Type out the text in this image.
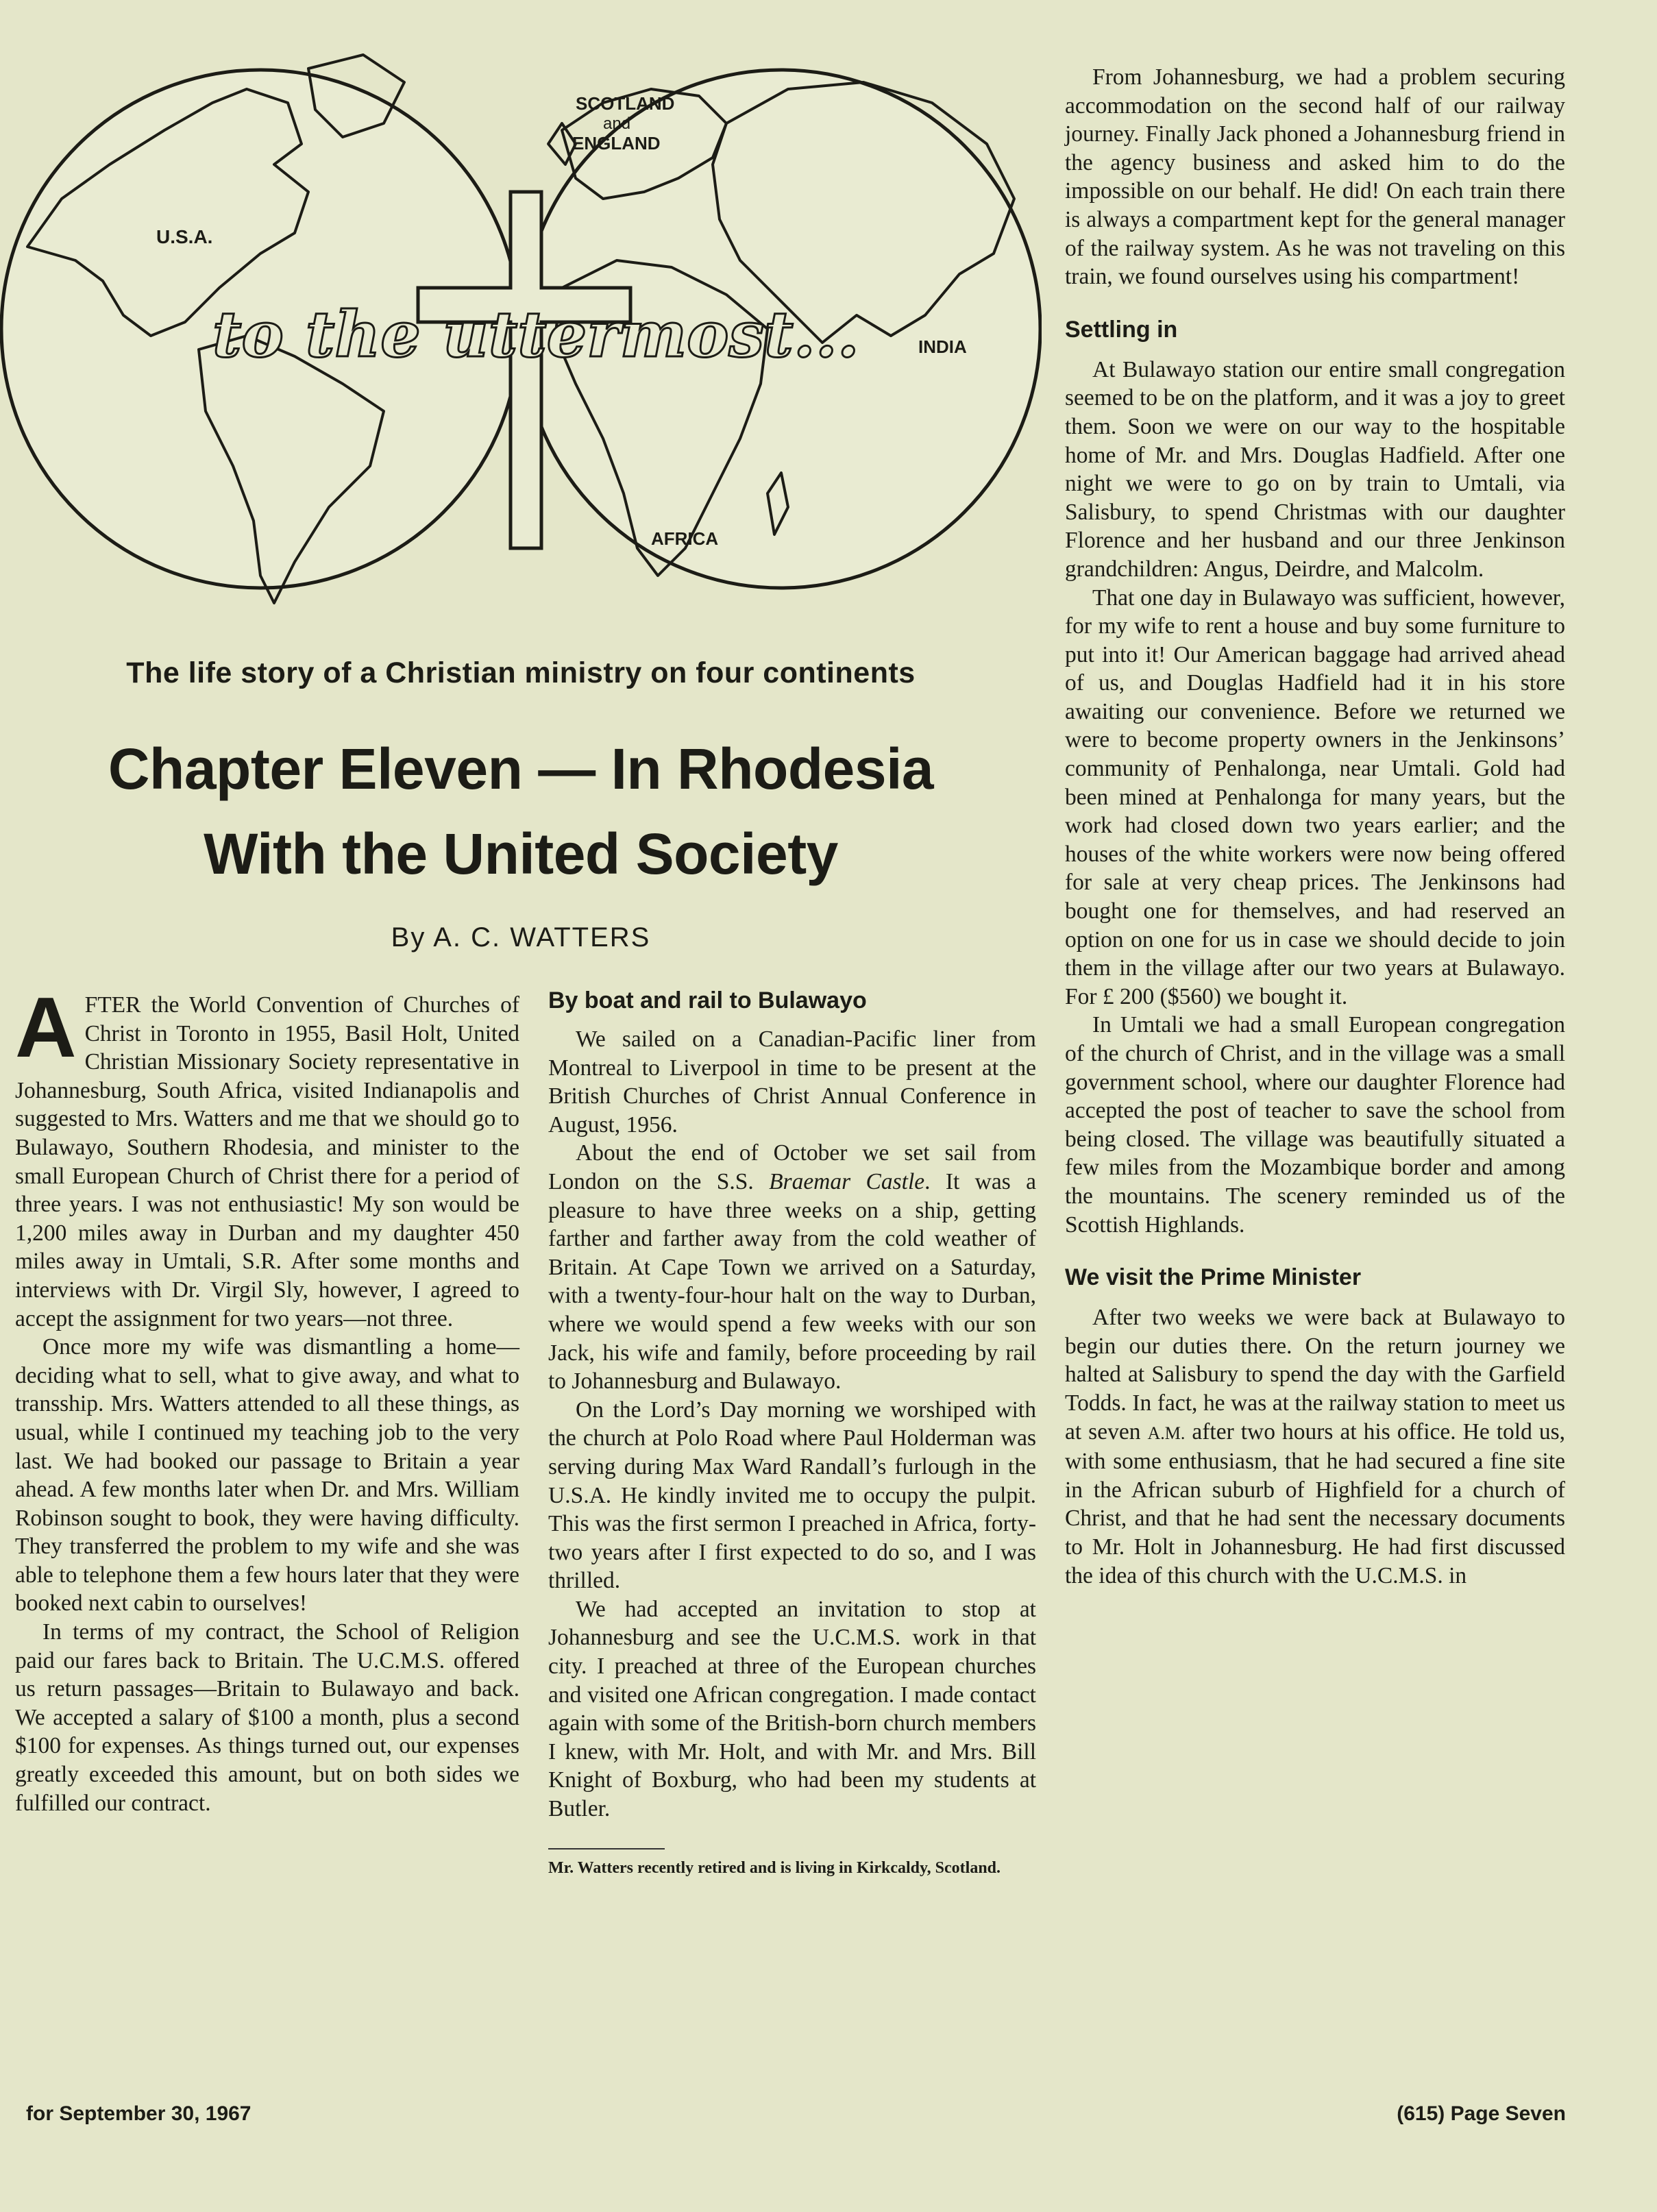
to the uttermost...
U.S.A.
SCOTLAND
and
ENGLAND
INDIA
AFRICA
The life story of a Christian ministry on four continents
Chapter Eleven — In Rhodesia
With the United Society
By A. C. WATTERS

AFTER the World Convention of Churches of Christ in Toronto in 1955, Basil Holt, United Christian Missionary Society representative in Johannesburg, South Africa, visited Indianapolis and suggested to Mrs. Watters and me that we should go to Bulawayo, Southern Rhodesia, and minister to the small European Church of Christ there for a period of three years. I was not enthusiastic! My son would be 1,200 miles away in Durban and my daughter 450 miles away in Umtali, S.R. After some months and interviews with Dr. Virgil Sly, however, I agreed to accept the assignment for two years—not three.

Once more my wife was dismantling a home—deciding what to sell, what to give away, and what to transship. Mrs. Watters attended to all these things, as usual, while I continued my teaching job to the very last. We had booked our passage to Britain a year ahead. A few months later when Dr. and Mrs. William Robinson sought to book, they were having difficulty. They transferred the problem to my wife and she was able to telephone them a few hours later that they were booked next cabin to ourselves!

In terms of my contract, the School of Religion paid our fares back to Britain. The U.C.M.S. offered us return passages—Britain to Bulawayo and back. We accepted a salary of $100 a month, plus a second $100 for expenses. As things turned out, our expenses greatly exceeded this amount, but on both sides we fulfilled our contract.

By boat and rail to Bulawayo

We sailed on a Canadian-Pacific liner from Montreal to Liverpool in time to be present at the British Churches of Christ Annual Conference in August, 1956.

About the end of October we set sail from London on the S.S. Braemar Castle. It was a pleasure to have three weeks on a ship, getting farther and farther away from the cold weather of Britain. At Cape Town we arrived on a Saturday, with a twenty-four-hour halt on the way to Durban, where we would spend a few weeks with our son Jack, his wife and family, before proceeding by rail to Johannesburg and Bulawayo.

On the Lord’s Day morning we worshiped with the church at Polo Road where Paul Holderman was serving during Max Ward Randall’s furlough in the U.S.A. He kindly invited me to occupy the pulpit. This was the first sermon I preached in Africa, forty-two years after I first expected to do so, and I was thrilled.

We had accepted an invitation to stop at Johannesburg and see the U.C.M.S. work in that city. I preached at three of the European churches and visited one African congregation. I made contact again with some of the British-born church members I knew, with Mr. Holt, and with Mr. and Mrs. Bill Knight of Boxburg, who had been my students at Butler.

Mr. Watters recently retired and is living in Kirkcaldy, Scotland.

From Johannesburg, we had a problem securing accommodation on the second half of our railway journey. Finally Jack phoned a Johannesburg friend in the agency business and asked him to do the impossible on our behalf. He did! On each train there is always a compartment kept for the general manager of the railway system. As he was not traveling on this train, we found ourselves using his compartment!

Settling in

At Bulawayo station our entire small congregation seemed to be on the platform, and it was a joy to greet them. Soon we were on our way to the hospitable home of Mr. and Mrs. Douglas Hadfield. After one night we were to go on by train to Umtali, via Salisbury, to spend Christmas with our daughter Florence and her husband and our three Jenkinson grandchildren: Angus, Deirdre, and Malcolm.

That one day in Bulawayo was sufficient, however, for my wife to rent a house and buy some furniture to put into it! Our American baggage had arrived ahead of us, and Douglas Hadfield had it in his store awaiting our convenience. Before we returned we were to become property owners in the Jenkinsons’ community of Penhalonga, near Umtali. Gold had been mined at Penhalonga for many years, but the work had closed down two years earlier; and the houses of the white workers were now being offered for sale at very cheap prices. The Jenkinsons had bought one for themselves, and had reserved an option on one for us in case we should decide to join them in the village after our two years at Bulawayo. For £ 200 ($560) we bought it.

In Umtali we had a small European congregation of the church of Christ, and in the village was a small government school, where our daughter Florence had accepted the post of teacher to save the school from being closed. The village was beautifully situated a few miles from the Mozambique border and among the mountains. The scenery reminded us of the Scottish Highlands.

We visit the Prime Minister

After two weeks we were back at Bulawayo to begin our duties there. On the return journey we halted at Salisbury to spend the day with the Garfield Todds. In fact, he was at the railway station to meet us at seven A.M. after two hours at his office. He told us, with some enthusiasm, that he had secured a fine site in the African suburb of Highfield for a church of Christ, and that he had sent the necessary documents to Mr. Holt in Johannesburg. He had first discussed the idea of this church with the U.C.M.S. in

for September 30, 1967	(615) Page Seven
